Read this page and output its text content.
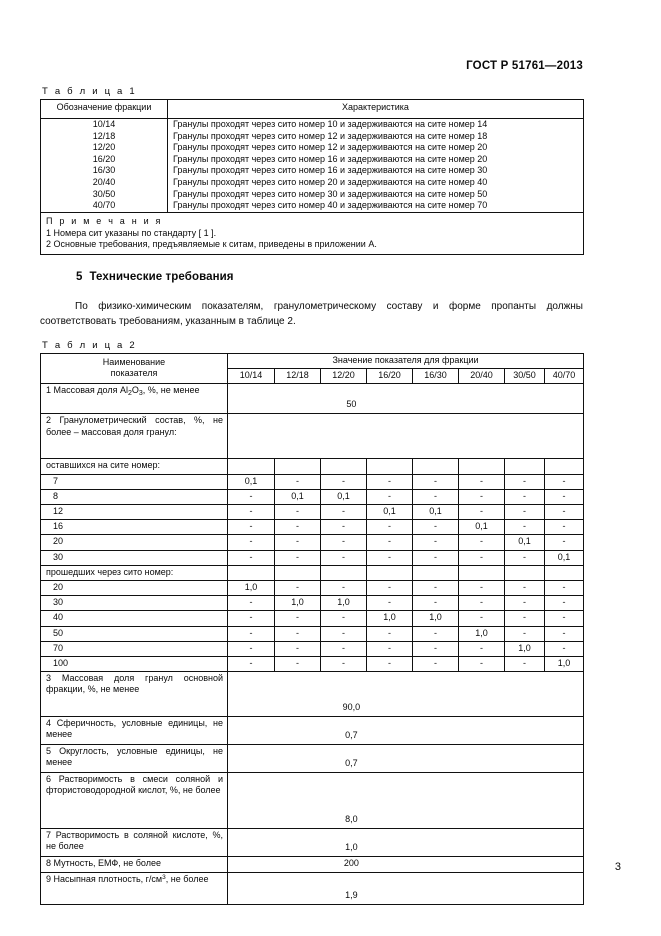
ГОСТ Р 51761—2013
Т а б л и ц а 1
Обозначение фракции	Характеристика
10/14	Гранулы проходят через сито номер 10 и задерживаются на сите номер 14
12/18	Гранулы проходят через сито номер 12 и задерживаются на сите номер 18
12/20	Гранулы проходят через сито номер 12 и задерживаются на сите номер 20
16/20	Гранулы проходят через сито номер 16 и задерживаются на сите номер 20
16/30	Гранулы проходят через сито номер 16 и задерживаются на сите номер 30
20/40	Гранулы проходят через сито номер 20 и задерживаются на сите номер 40
30/50	Гранулы проходят через сито номер 30 и задерживаются на сите номер 50
40/70	Гранулы проходят через сито номер 40 и задерживаются на сите номер 70

П р и м е ч а н и я
1 Номера сит указаны по стандарту [ 1 ].
2 Основные требования, предъявляемые к ситам, приведены в приложении А.	
5 Технические требования
По физико-химическим показателям, гранулометрическому составу и форме пропанты должны соответствовать требованиям, указанным в таблице 2.
Т а б л и ц а 2
Наименование
показателя	Значение показателя для фракции							
	10/14	12/18	12/20	16/20	16/30	20/40	30/50	40/70
1 Массовая доля $Al_2O_3$, %, не менее	50							

2 Гранулометрический состав, %, не более – массовая доля гранул:								
оставшихся на сите номер:								
7	0,1	-	-	-	-	-	-	-
8	-	0,1	0,1	-	-	-	-	-
12	-	-	-	0,1	0,1	-	-	-
16	-	-	-	-	-	0,1	-	-
20	-	-	-	-	-	-	0,1	-
30	-	-	-	-	-	-	-	0,1
прошедших через сито номер:								
20	1,0	-	-	-	-	-	-	-
30	-	1,0	1,0	-	-	-	-	-
40	-	-	-	1,0	1,0	-	-	-
50	-	-	-	-	-	1,0	-	-
70	-	-	-	-	-	-	1,0	-
100	-	-	-	-	-	-	-	1,0
3 Массовая доля гранул основной фракции, %, не менее	90,0							

4 Сферичность, условные единицы, не менее	0,7							

5 Округлость, условные единицы, не менее	0,7							

6 Растворимость в смеси соляной и фтористоводородной кислот, %, не более	8,0							

7 Растворимость в соляной кислоте, %, не более	1,0							

8 Мутность, ЕМФ, не более	200							

9 Насыпная плотность, $г/см^3$, не более	1,9							
3
